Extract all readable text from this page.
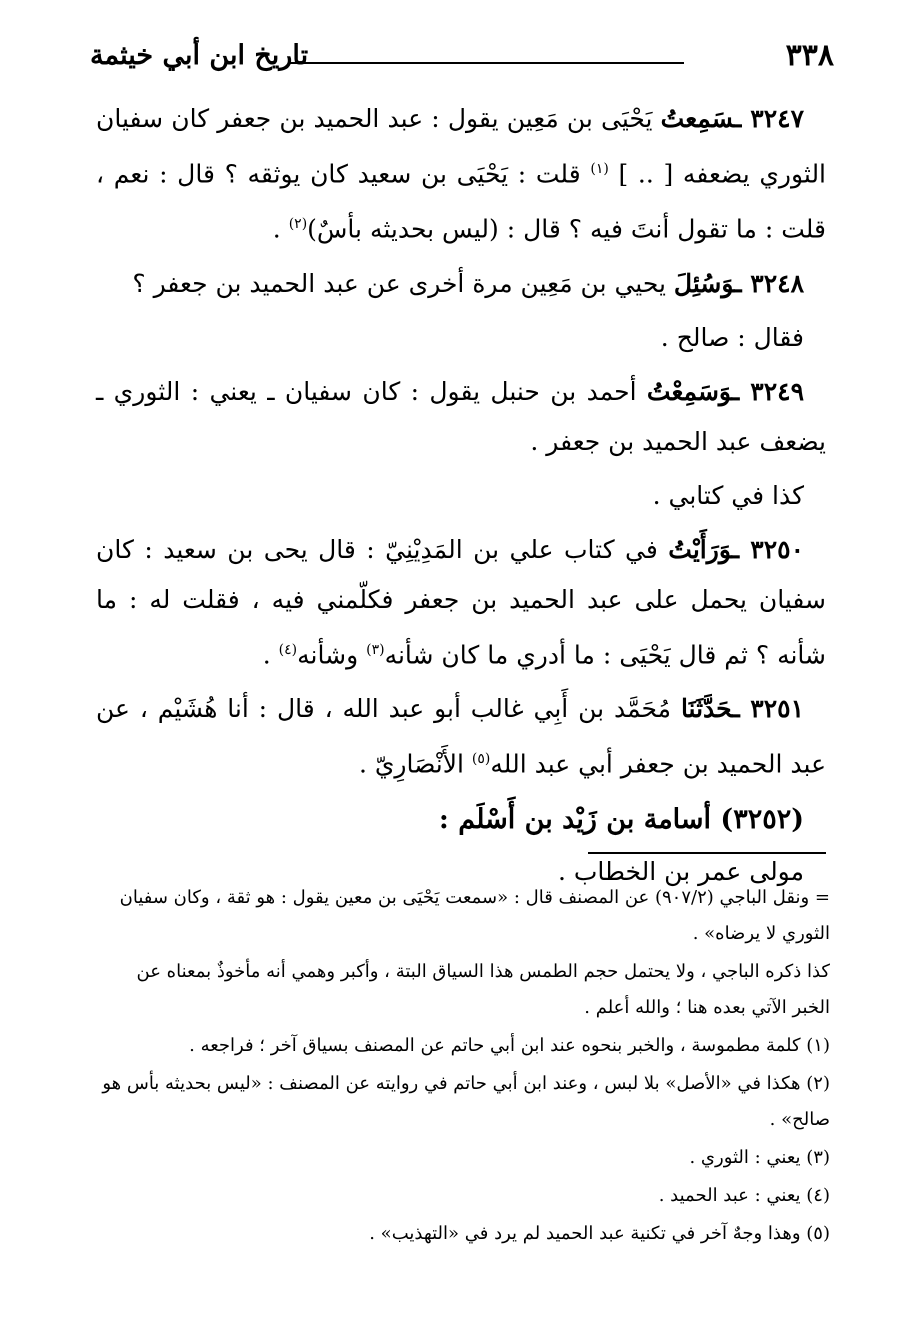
٣٣٨
تاريخ ابن أبي خيثمة

٣٢٤٧ ـسَمِعتُ يَحْيَى بن مَعِين يقول : عبد الحميد بن جعفر كان سفيان الثوري يضعفه [ .. ] $^{(١)}$ قلت : يَحْيَى بن سعيد كان يوثقه ؟ قال : نعم ، قلت : ما تقول أنتَ فيه ؟ قال : (ليس بحديثه بأسٌ)$^{(٢)}$ .

٣٢٤٨ ـوَسُئِلَ يحيي بن مَعِين مرة أخرى عن عبد الحميد بن جعفر ؟

فقال : صالح .

٣٢٤٩ ـوَسَمِعْتُ أحمد بن حنبل يقول : كان سفيان ـ يعني : الثوري ـ يضعف عبد الحميد بن جعفر .

كذا في كتابي .

٣٢٥٠ ـوَرَأَيْتُ في كتاب علي بن المَدِيْنِيّ : قال يحى بن سعيد : كان سفيان يحمل على عبد الحميد بن جعفر فكلّمني فيه ، فقلت له : ما شأنه ؟ ثم قال يَحْيَى : ما أدري ما كان شأنه$^{(٣)}$ وشأنه$^{(٤)}$ .

٣٢٥١ ـحَدَّثَنَا مُحَمَّد بن أَبِي غالب أبو عبد الله ، قال : أنا هُشَيْم ، عن عبد الحميد بن جعفر أبي عبد الله$^{(٥)}$ الأَنْصَارِيّ .

(٣٢٥٢) أسامة بن زَيْد بن أَسْلَم :

مولى عمر بن الخطاب .

= ونقل الباجي (٩٠٧/٢) عن المصنف قال : «سمعت يَحْيَى بن معين يقول : هو ثقة ، وكان سفيان الثوري لا يرضاه» .

كذا ذكره الباجي ، ولا يحتمل حجم الطمس هذا السياق البتة ، وأكبر وهمي أنه مأخوذٌ بمعناه عن الخبر الآتي بعده هنا ؛ والله أعلم .

(١) كلمة مطموسة ، والخبر بنحوه عند ابن أبي حاتم عن المصنف بسياق آخر ؛ فراجعه .

(٢) هكذا في «الأصل» بلا لبس ، وعند ابن أبي حاتم في روايته عن المصنف : «ليس بحديثه بأس هو صالح» .

(٣) يعني : الثوري .

(٤) يعني : عبد الحميد .

(٥) وهذا وجهٌ آخر في تكنية عبد الحميد لم يرد في «التهذيب» .
